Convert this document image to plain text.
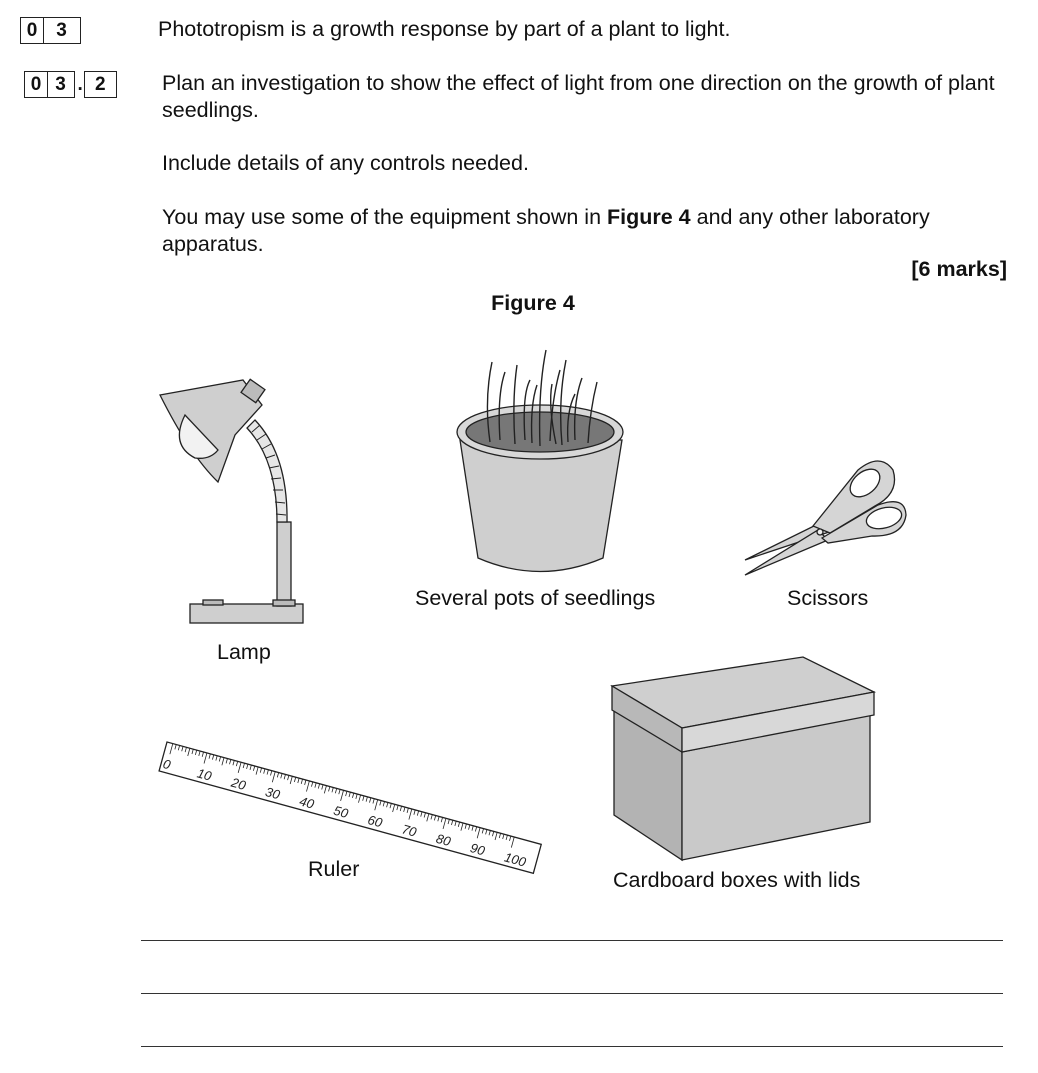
0 3	Phototropism is a growth response by part of a plant to light.
0 3 . 2	Plan an investigation to show the effect of light from one direction on the growth of plant seedlings.
Include details of any controls needed.
You may use some of the equipment shown in Figure 4 and any other laboratory apparatus.
[6 marks]
Figure 4
0
10
20
30
40
50
60
70
80
90
100
Lamp
Several pots of seedlings	Scissors
Ruler	Cardboard boxes with lids
